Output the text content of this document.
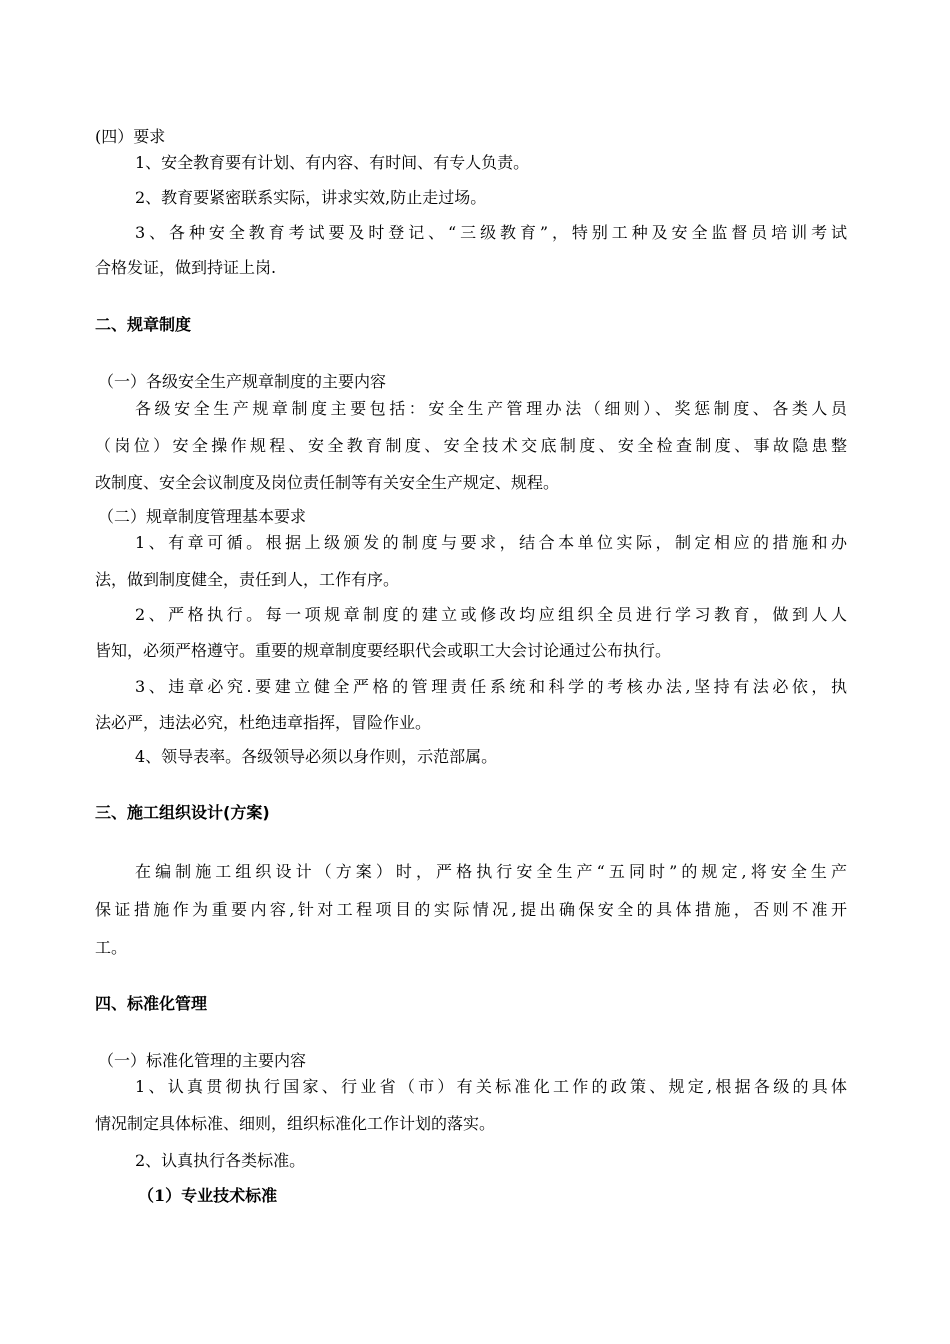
(四）要求
1、安全教育要有计划、有内容、有时间、有专人负责。
2、教育要紧密联系实际，讲求实效,防止走过场。
3、各种安全教育考试要及时登记、“三级教育”，特别工种及安全监督员培训考试
合格发证，做到持证上岗.
二、规章制度
（一）各级安全生产规章制度的主要内容
各级安全生产规章制度主要包括：安全生产管理办法（细则）、奖惩制度、各类人员
（岗位）安全操作规程、安全教育制度、安全技术交底制度、安全检查制度、事故隐患整
改制度、安全会议制度及岗位责任制等有关安全生产规定、规程。
（二）规章制度管理基本要求
1、有章可循。根据上级颁发的制度与要求，结合本单位实际，制定相应的措施和办
法，做到制度健全，责任到人，工作有序。
2、严格执行。每一项规章制度的建立或修改均应组织全员进行学习教育，做到人人
皆知，必须严格遵守。重要的规章制度要经职代会或职工大会讨论通过公布执行。
3、违章必究.要建立健全严格的管理责任系统和科学的考核办法,坚持有法必依，执
法必严，违法必究，杜绝违章指挥，冒险作业。
4、领导表率。各级领导必须以身作则，示范部属。
三、施工组织设计(方案)
在编制施工组织设计（方案）时，严格执行安全生产“五同时”的规定,将安全生产
保证措施作为重要内容,针对工程项目的实际情况,提出确保安全的具体措施，否则不准开
工。
四、标准化管理
（一）标准化管理的主要内容
1、认真贯彻执行国家、行业省（市）有关标准化工作的政策、规定,根据各级的具体
情况制定具体标准、细则，组织标准化工作计划的落实。
2、认真执行各类标准。
（1）专业技术标准
